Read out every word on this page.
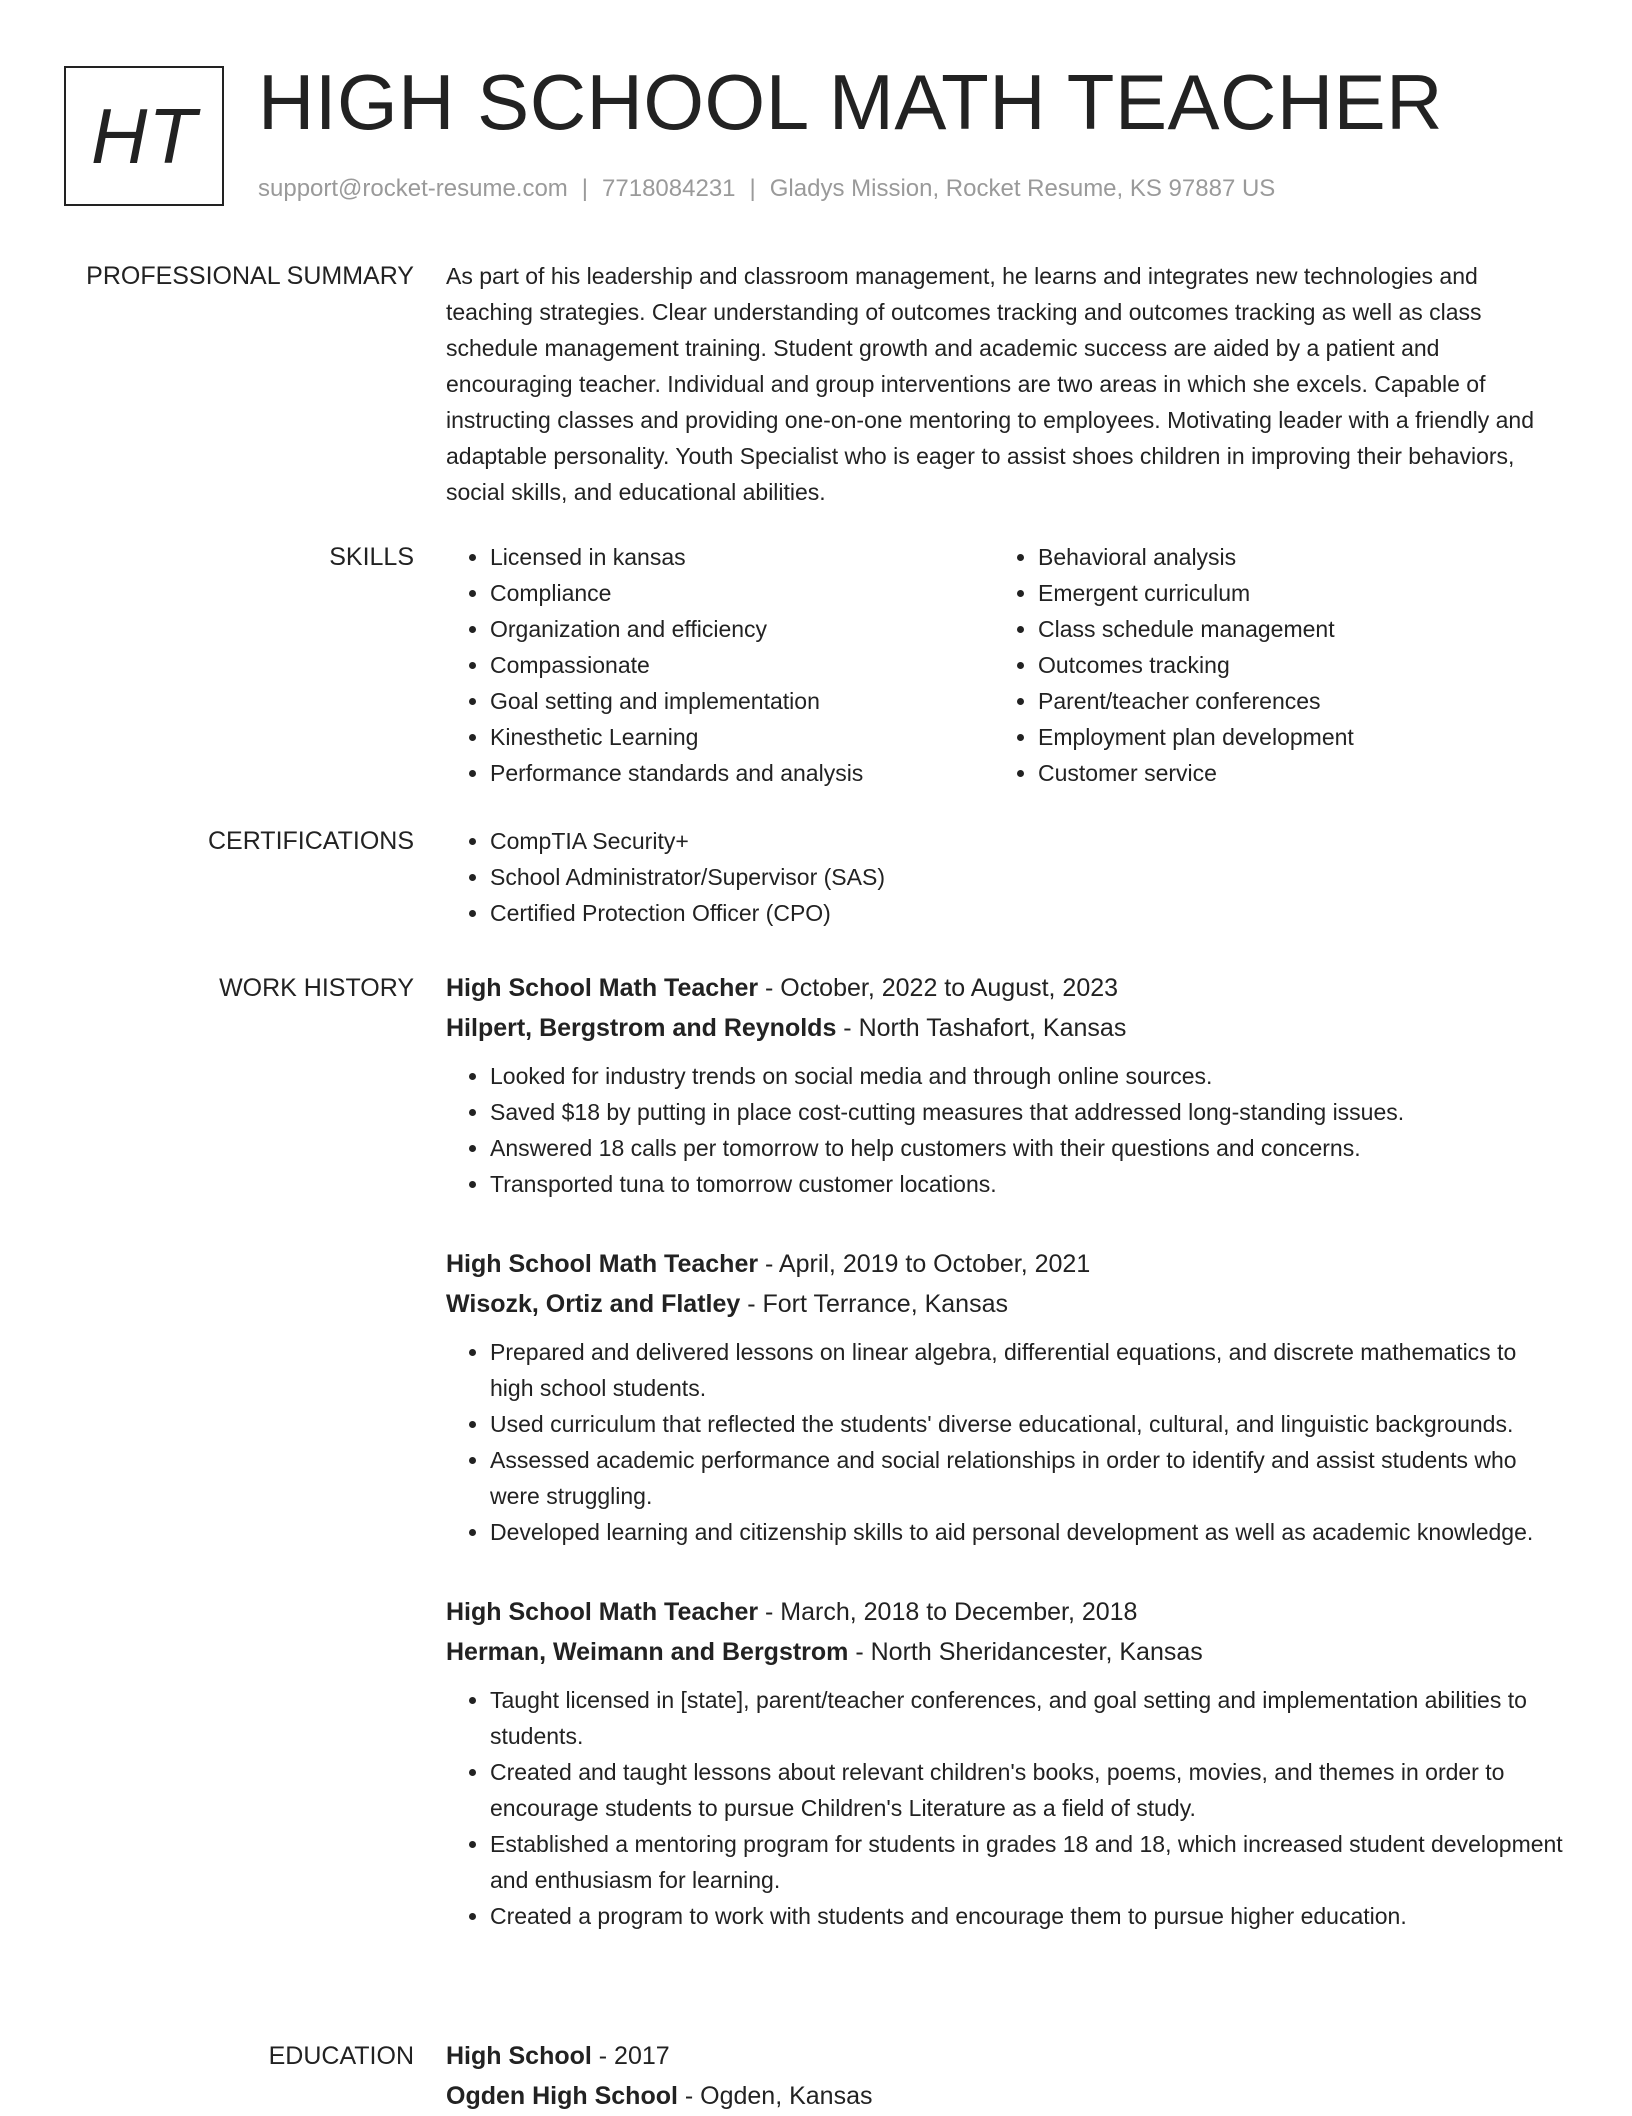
HT HIGH SCHOOL MATH TEACHER
support@rocket-resume.com | 7718084231 | Gladys Mission, Rocket Resume, KS 97887 US
PROFESSIONAL SUMMARY As part of his leadership and classroom management, he learns and integrates new technologies and teaching strategies. Clear understanding of outcomes tracking and outcomes tracking as well as class schedule management training. Student growth and academic success are aided by a patient and encouraging teacher. Individual and group interventions are two areas in which she excels. Capable of instructing classes and providing one-on-one mentoring to employees. Motivating leader with a friendly and adaptable personality. Youth Specialist who is eager to assist shoes children in improving their behaviors, social skills, and educational abilities.

SKILLS	• Licensed in kansas
• Compliance
• Organization and efficiency
• Compassionate
• Goal setting and implementation
• Kinesthetic Learning
• Performance standards and analysis
• Behavioral analysis
• Emergent curriculum
• Class schedule management
• Outcomes tracking
• Parent/teacher conferences
• Employment plan development
• Customer service
CERTIFICATIONS	• CompTIA Security+
• School Administrator/Supervisor (SAS)
• Certified Protection Officer (CPO)
WORK HISTORY High School Math Teacher - October, 2022 to August, 2023
Hilpert, Bergstrom and Reynolds - North Tashafort, Kansas
• Looked for industry trends on social media and through online sources.
• Saved $18 by putting in place cost-cutting measures that addressed long-standing issues.
• Answered 18 calls per tomorrow to help customers with their questions and concerns.
• Transported tuna to tomorrow customer locations.
High School Math Teacher - April, 2019 to October, 2021
Wisozk, Ortiz and Flatley - Fort Terrance, Kansas
• Prepared and delivered lessons on linear algebra, differential equations, and discrete mathematics to high school students.
• Used curriculum that reflected the students' diverse educational, cultural, and linguistic backgrounds.
• Assessed academic performance and social relationships in order to identify and assist students who were struggling.
• Developed learning and citizenship skills to aid personal development as well as academic knowledge.
High School Math Teacher - March, 2018 to December, 2018
Herman, Weimann and Bergstrom - North Sheridancester, Kansas
• Taught licensed in [state], parent/teacher conferences, and goal setting and implementation abilities to students.
• Created and taught lessons about relevant children's books, poems, movies, and themes in order to encourage students to pursue Children's Literature as a field of study.
• Established a mentoring program for students in grades 18 and 18, which increased student development and enthusiasm for learning.
• Created a program to work with students and encourage them to pursue higher education.
EDUCATION High School - 2017
Ogden High School - Ogden, Kansas
